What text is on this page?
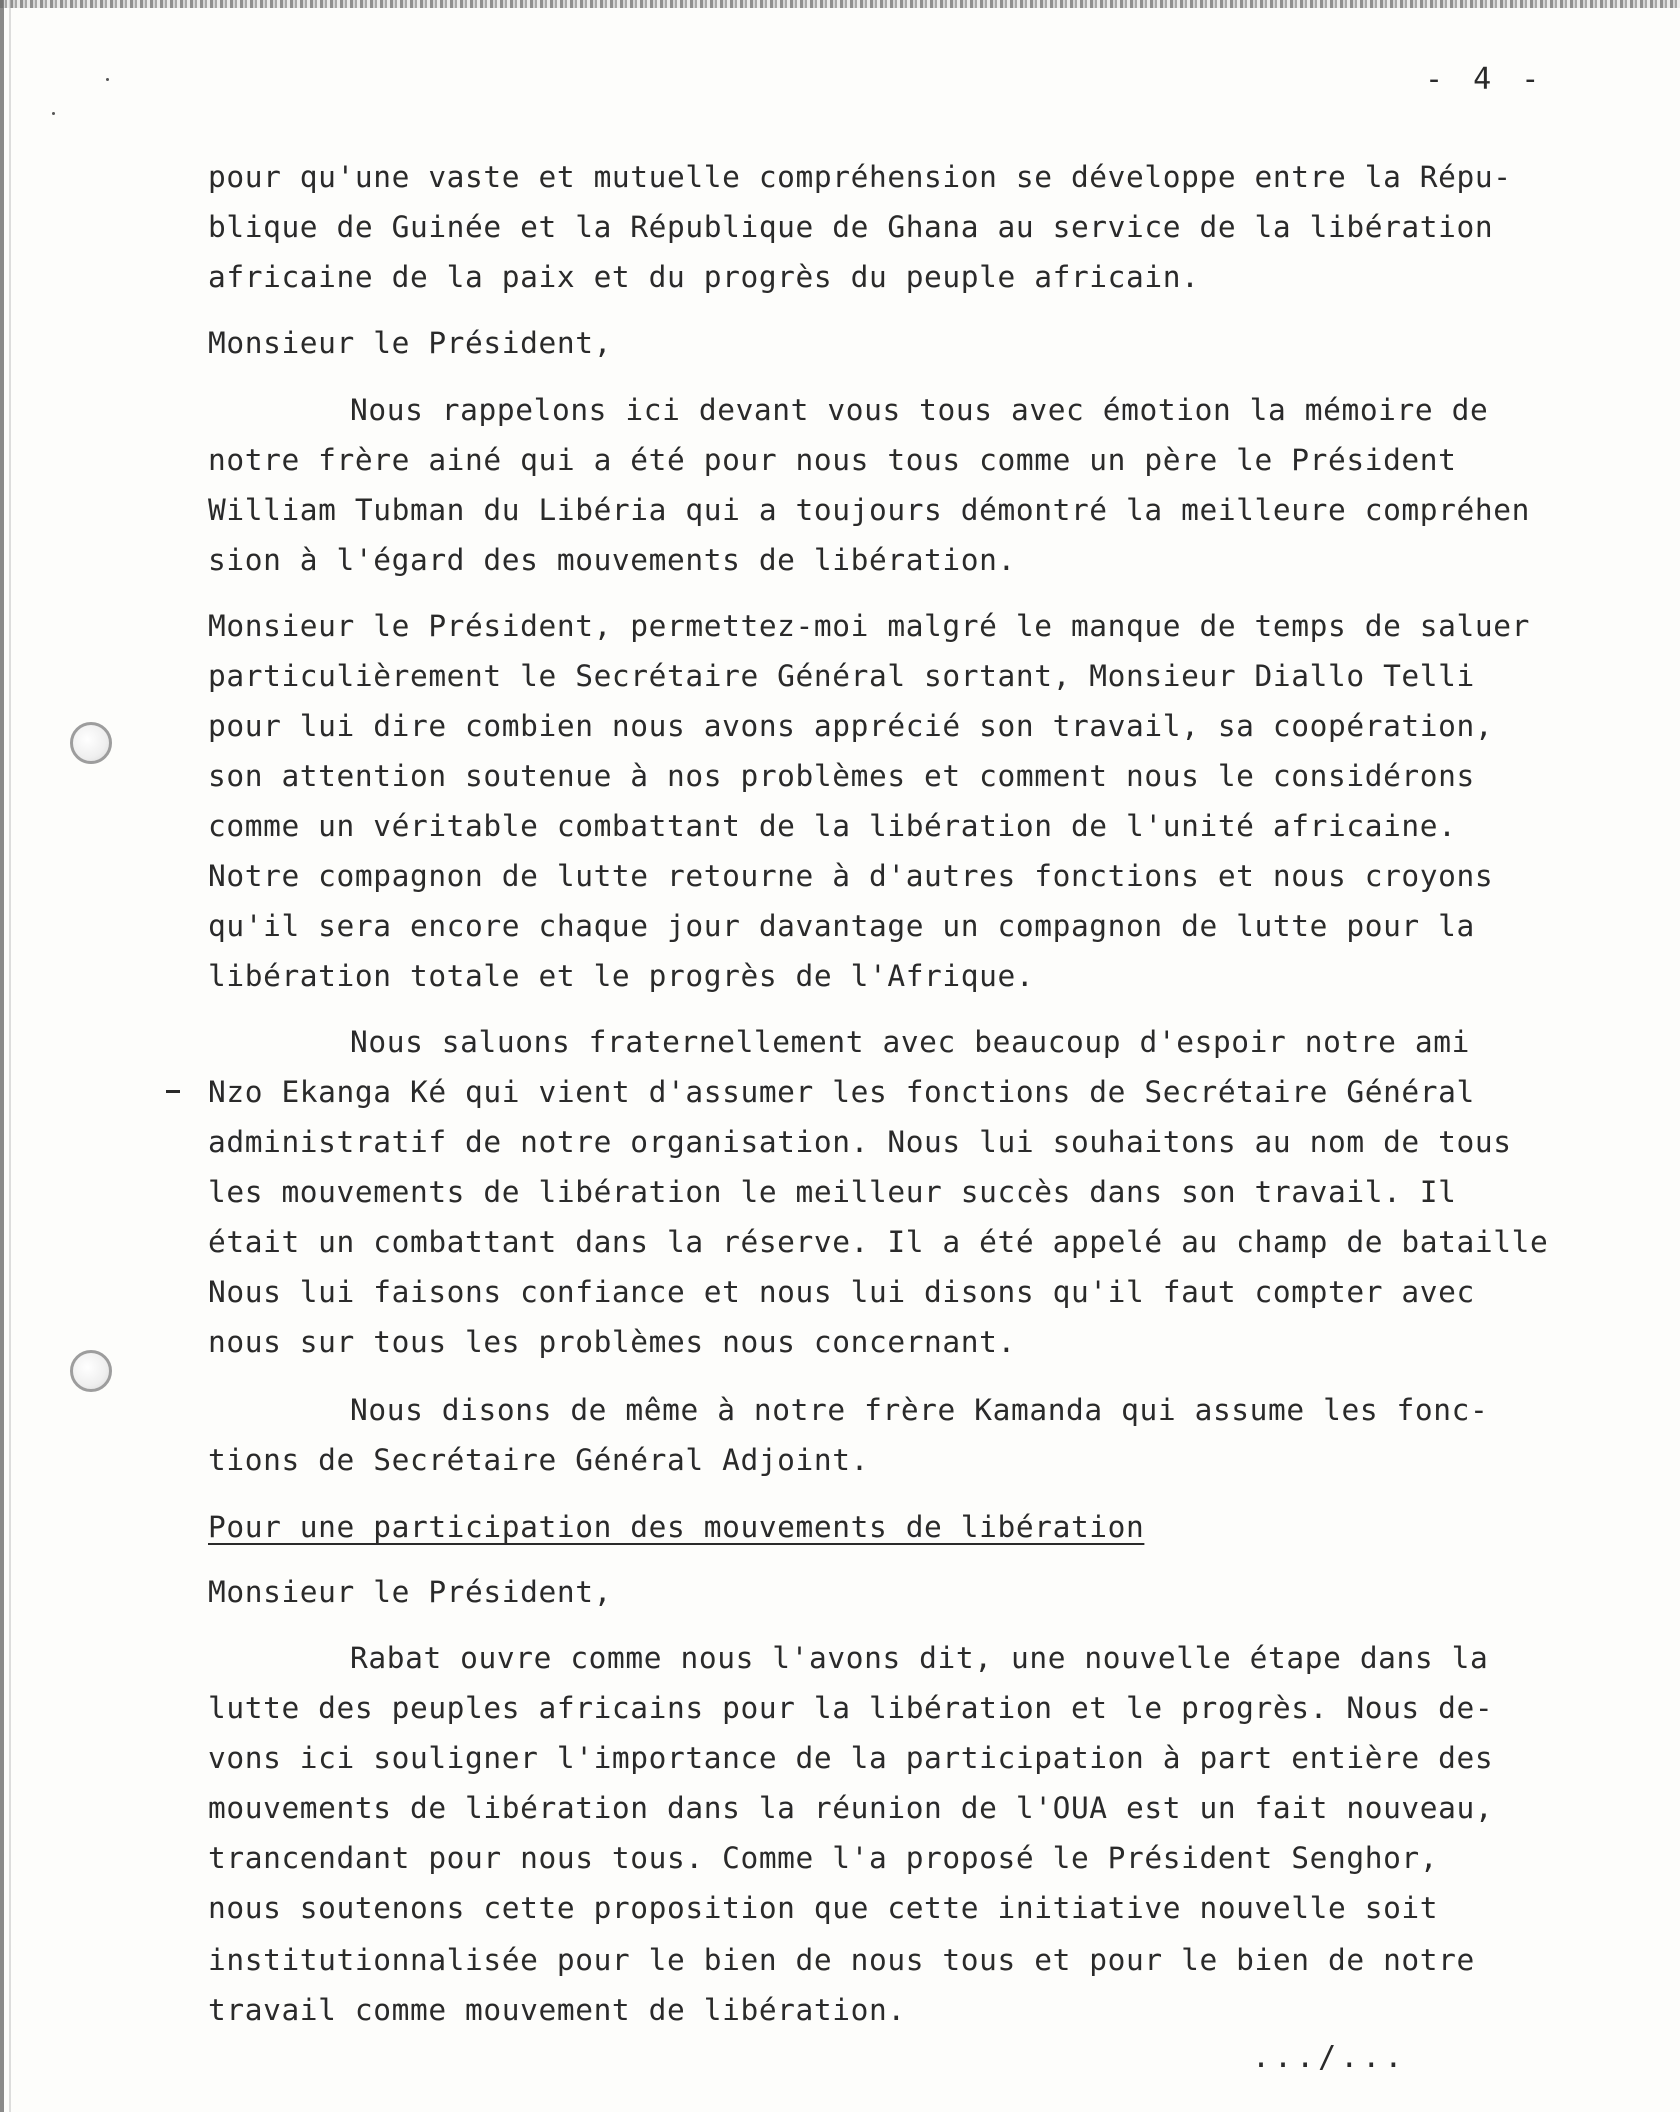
- 4 -
pour qu'une vaste et mutuelle compréhension se développe entre la Répu-
blique de Guinée et la République de Ghana au service de la libération
africaine de la paix et du progrès du peuple africain.
Monsieur le Président,
Nous rappelons ici devant vous tous avec émotion la mémoire de
notre frère ainé qui a été pour nous tous comme un père le Président
William Tubman du Libéria qui a toujours démontré la meilleure compréhen
sion à l'égard des mouvements de libération.
Monsieur le Président, permettez-moi malgré le manque de temps de saluer
particulièrement le Secrétaire Général sortant, Monsieur Diallo Telli
pour lui dire combien nous avons apprécié son travail, sa coopération,
son attention soutenue à nos problèmes et comment nous le considérons
comme un véritable combattant de la libération de l'unité africaine.
Notre compagnon de lutte retourne à d'autres fonctions et nous croyons
qu'il sera encore chaque jour davantage un compagnon de lutte pour la
libération totale et le progrès de l'Afrique.
Nous saluons fraternellement avec beaucoup d'espoir notre ami
Nzo Ekanga Ké qui vient d'assumer les fonctions de Secrétaire Général
administratif de notre organisation. Nous lui souhaitons au nom de tous
les mouvements de libération le meilleur succès dans son travail. Il
était un combattant dans la réserve. Il a été appelé au champ de bataille
Nous lui faisons confiance et nous lui disons qu'il faut compter avec
nous sur tous les problèmes nous concernant.
Nous disons de même à notre frère Kamanda qui assume les fonc-
tions de Secrétaire Général Adjoint.
Pour une participation des mouvements de libération
Monsieur le Président,
Rabat ouvre comme nous l'avons dit, une nouvelle étape dans la
lutte des peuples africains pour la libération et le progrès. Nous de-
vons ici souligner l'importance de la participation à part entière des
mouvements de libération dans la réunion de l'OUA est un fait nouveau,
trancendant pour nous tous. Comme l'a proposé le Président Senghor,
nous soutenons cette proposition que cette initiative nouvelle soit
institutionnalisée pour le bien de nous tous et pour le bien de notre
travail comme mouvement de libération.
.../...
